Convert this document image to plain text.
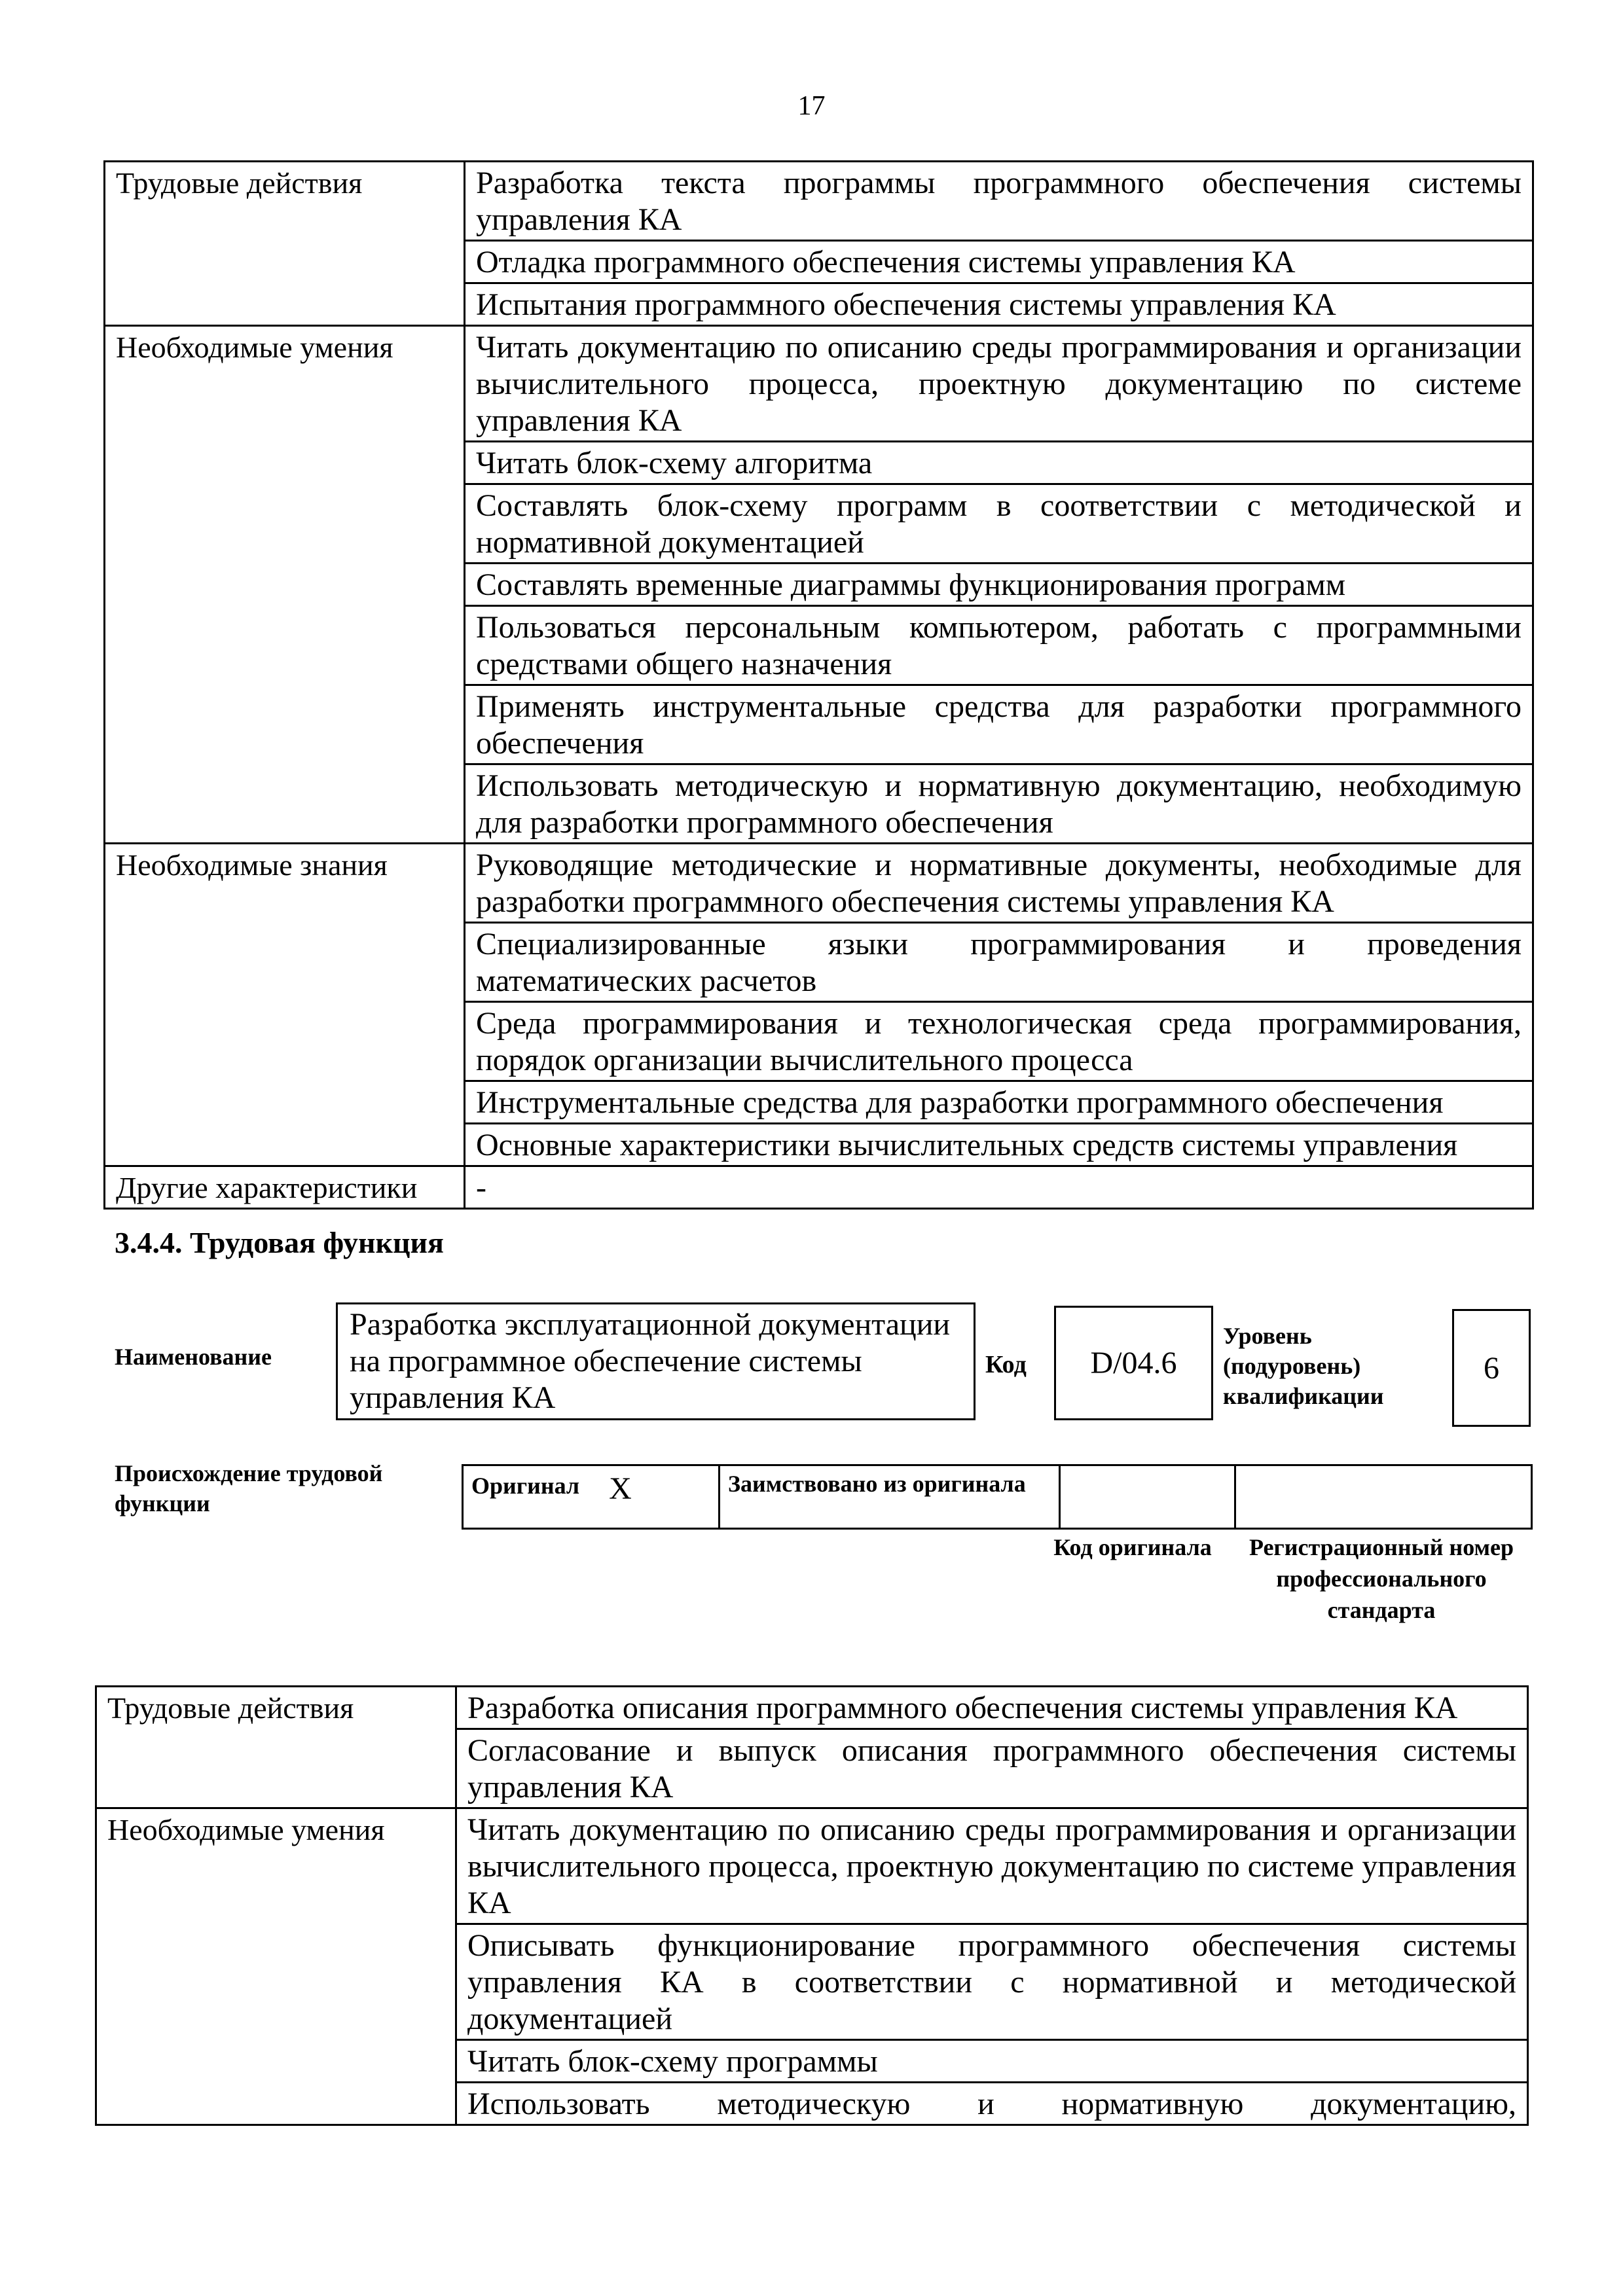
17
Трудовые действия	Разработка текста программы программного обеспечения системы управления КА
	Отладка программного обеспечения системы управления КА
	Испытания программного обеспечения системы управления КА
Необходимые умения	Читать документацию по описанию среды программирования и организации вычислительного процесса, проектную документацию по системе управления КА
	Читать блок-схему алгоритма
	Составлять блок-схему программ в соответствии с методической и нормативной документацией
	Составлять временные диаграммы функционирования программ
	Пользоваться персональным компьютером, работать с программными средствами общего назначения
	Применять инструментальные средства для разработки программного обеспечения
	Использовать методическую и нормативную документацию, необходимую для разработки программного обеспечения
Необходимые знания	Руководящие методические и нормативные документы, необходимые для разработки программного обеспечения системы управления КА
	Специализированные языки программирования и проведения математических расчетов
	Среда программирования и технологическая среда программирования, порядок организации вычислительного процесса
	Инструментальные средства для разработки программного обеспечения
	Основные характеристики вычислительных средств системы управления
Другие характеристики	-
3.4.4. Трудовая функция
Наименование
Разработка эксплуатационной документации на программное обеспечение системы управления КА
Код	D/04.6
Уровень (подуровень) квалификации
6
Происхождение трудовой функции
Оригинал X	Заимствовано из оригинала		
Код оригинала	Регистрационный номер профессионального стандарта
Трудовые действия	Разработка описания программного обеспечения системы управления КА
	Согласование и выпуск описания программного обеспечения системы управления КА
Необходимые умения	Читать документацию по описанию среды программирования и организации вычислительного процесса, проектную документацию по системе управления КА
	Описывать функционирование программного обеспечения системы управления КА в соответствии с нормативной и методической документацией
	Читать блок-схему программы
	Использовать методическую и нормативную документацию,
